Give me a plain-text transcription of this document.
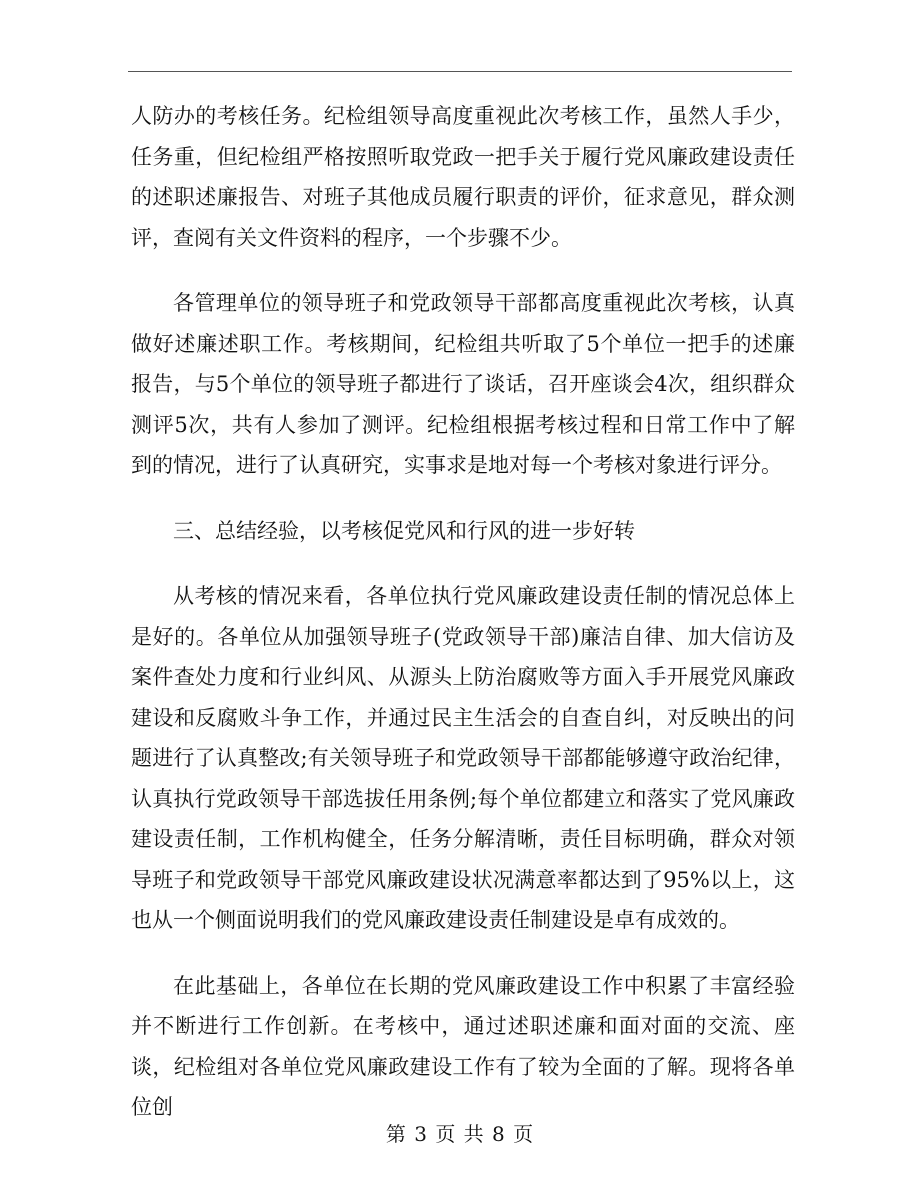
人防办的考核任务。纪检组领导高度重视此次考核工作，虽然人手少，任务重，但纪检组严格按照听取党政一把手关于履行党风廉政建设责任的述职述廉报告、对班子其他成员履行职责的评价，征求意见，群众测评，查阅有关文件资料的程序，一个步骤不少。

各管理单位的领导班子和党政领导干部都高度重视此次考核，认真做好述廉述职工作。考核期间，纪检组共听取了5个单位一把手的述廉报告，与5个单位的领导班子都进行了谈话，召开座谈会4次，组织群众测评5次，共有人参加了测评。纪检组根据考核过程和日常工作中了解到的情况，进行了认真研究，实事求是地对每一个考核对象进行评分。

三、总结经验，以考核促党风和行风的进一步好转

从考核的情况来看，各单位执行党风廉政建设责任制的情况总体上是好的。各单位从加强领导班子(党政领导干部)廉洁自律、加大信访及案件查处力度和行业纠风、从源头上防治腐败等方面入手开展党风廉政建设和反腐败斗争工作，并通过民主生活会的自查自纠，对反映出的问题进行了认真整改;有关领导班子和党政领导干部都能够遵守政治纪律，认真执行党政领导干部选拔任用条例;每个单位都建立和落实了党风廉政建设责任制，工作机构健全，任务分解清晰，责任目标明确，群众对领导班子和党政领导干部党风廉政建设状况满意率都达到了95%以上，这也从一个侧面说明我们的党风廉政建设责任制建设是卓有成效的。

在此基础上，各单位在长期的党风廉政建设工作中积累了丰富经验并不断进行工作创新。在考核中，通过述职述廉和面对面的交流、座谈，纪检组对各单位党风廉政建设工作有了较为全面的了解。现将各单位创

第 3 页 共 8 页
